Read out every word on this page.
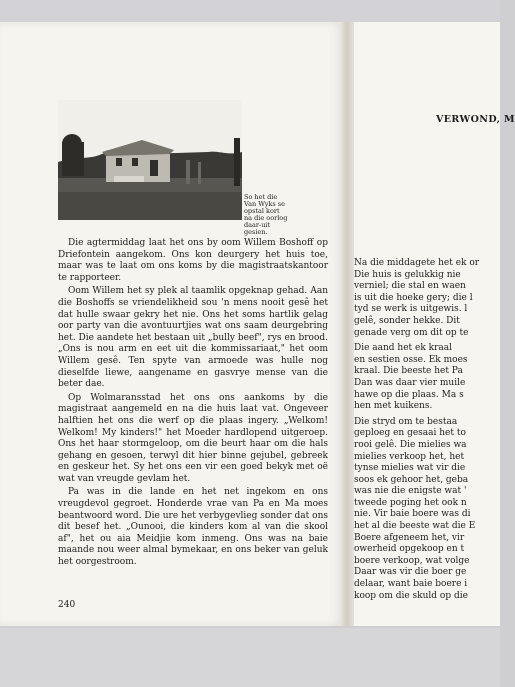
So het die Van Wyks se opstal kort na die oorlog daar-uit gesien.

Die agtermiddag laat het ons by oom Willem Boshoff op Driefontein aangekom. Ons kon deurgery het huis toe, maar was te laat om ons koms by die magistraatskantoor te rapporteer.

Oom Willem het sy plek al taamlik opgeknap gehad. Aan die Boshoffs se vriendelikheid sou 'n mens nooit gesê het dat hulle swaar gekry het nie. Ons het soms hartlik gelag oor party van die avontuurtjies wat ons saam deurgebring het. Die aandete het bestaan uit „bully beef", rys en brood. „Ons is nou arm en eet uit die kommissariaat," het oom Willem gesê. Ten spyte van armoede was hulle nog dieselfde liewe, aangename en gasvrye mense van die beter dae.

Op Wolmaransstad het ons ons aankoms by die magistraat aangemeld en na die huis laat vat. Ongeveer halftien het ons die werf op die plaas ingery. „Welkom! Welkom! My kinders!" het Moeder hardlopend uitgeroep. Ons het haar stormgeloop, om die beurt haar om die hals gehang en gesoen, terwyl dit hier binne gejubel, gebreek en geskeur het. Sy het ons een vir een goed bekyk met oë wat van vreugde gevlam het.

Pa was in die lande en het net ingekom en ons vreugdevol gegroet. Honderde vrae van Pa en Ma moes beantwoord word. Die ure het verbygevlieg sonder dat ons dit besef het. „Ounooi, die kinders kom al van die skool af", het ou aia Meidjie kom inmeng. Ons was na baie maande nou weer almal bymekaar, en ons beker van geluk het oorgestroom.

240
VERWOND, M
Na die middagete het ek or
Die huis is gelukkig nie
verniel; die stal en waen
is uit die hoeke gery; die l
tyd se werk is uitgewis. l
gelê, sonder hekke. Dit
genade verg om dit op te
Die aand het ek kraal
en sestien osse. Ek moes
kraal. Die beeste het Pa
Dan was daar vier muile
hawe op die plaas. Ma s
hen met kuikens.
Die stryd om te bestaa
geploeg en gesaai het to
rooi gelê. Die mielies wa
mielies verkoop het, het
tynse mielies wat vir die
soos ek gehoor het, geba
was nie die enigste wat '
tweede poging het ook n
nie. Vir baie boere was di
het al die beeste wat die E
Boere afgeneem het, vir
owerheid opgekoop en t
boere verkoop, wat volge
Daar was vir die boer ge
delaar, want baie boere i
koop om die skuld op die
